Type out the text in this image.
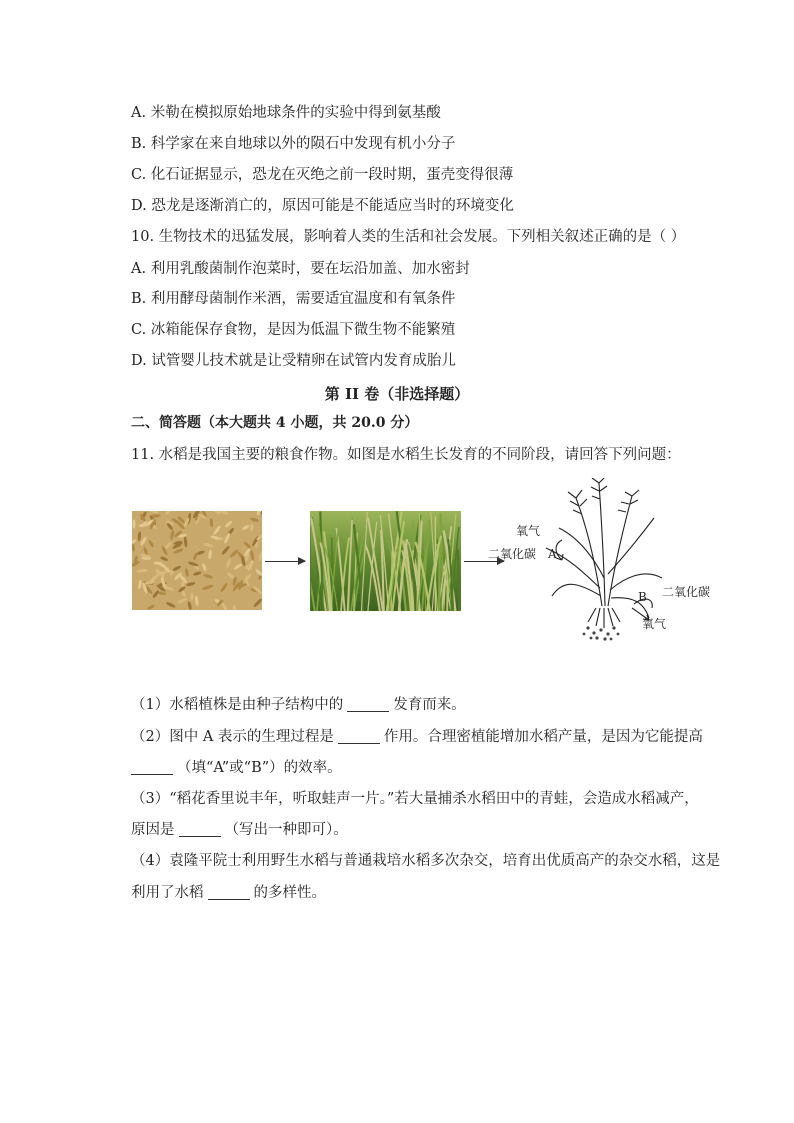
A. 米勒在模拟原始地球条件的实验中得到氨基酸
B. 科学家在来自地球以外的陨石中发现有机小分子
C. 化石证据显示，恐龙在灭绝之前一段时期，蛋壳变得很薄
D. 恐龙是逐渐消亡的，原因可能是不能适应当时的环境变化
10. 生物技术的迅猛发展，影响着人类的生活和社会发展。下列相关叙述正确的是（ ）
A. 利用乳酸菌制作泡菜时，要在坛沿加盖、加水密封
B. 利用酵母菌制作米酒，需要适宜温度和有氧条件
C. 冰箱能保存食物，是因为低温下微生物不能繁殖
D. 试管婴儿技术就是让受精卵在试管内发育成胎儿
第 II 卷（非选择题）
二、简答题（本大题共 4 小题，共 20.0 分）
11. 水稻是我国主要的粮食作物。如图是水稻生长发育的不同阶段，请回答下列问题：
氧气
二氧化碳 A
B 二氧化碳
氧气
（1）水稻植株是由种子结构中的	发育而来。
（2）图中 A 表示的生理过程是	作用。合理密植能增加水稻产量，是因为它能提高
（填“A”或“B”）的效率。
（3）“稻花香里说丰年，听取蛙声一片。”若大量捕杀水稻田中的青蛙，会造成水稻减产，
原因是	（写出一种即可）。
（4）袁隆平院士利用野生水稻与普通栽培水稻多次杂交，培育出优质高产的杂交水稻，这是
利用了水稻	的多样性。
